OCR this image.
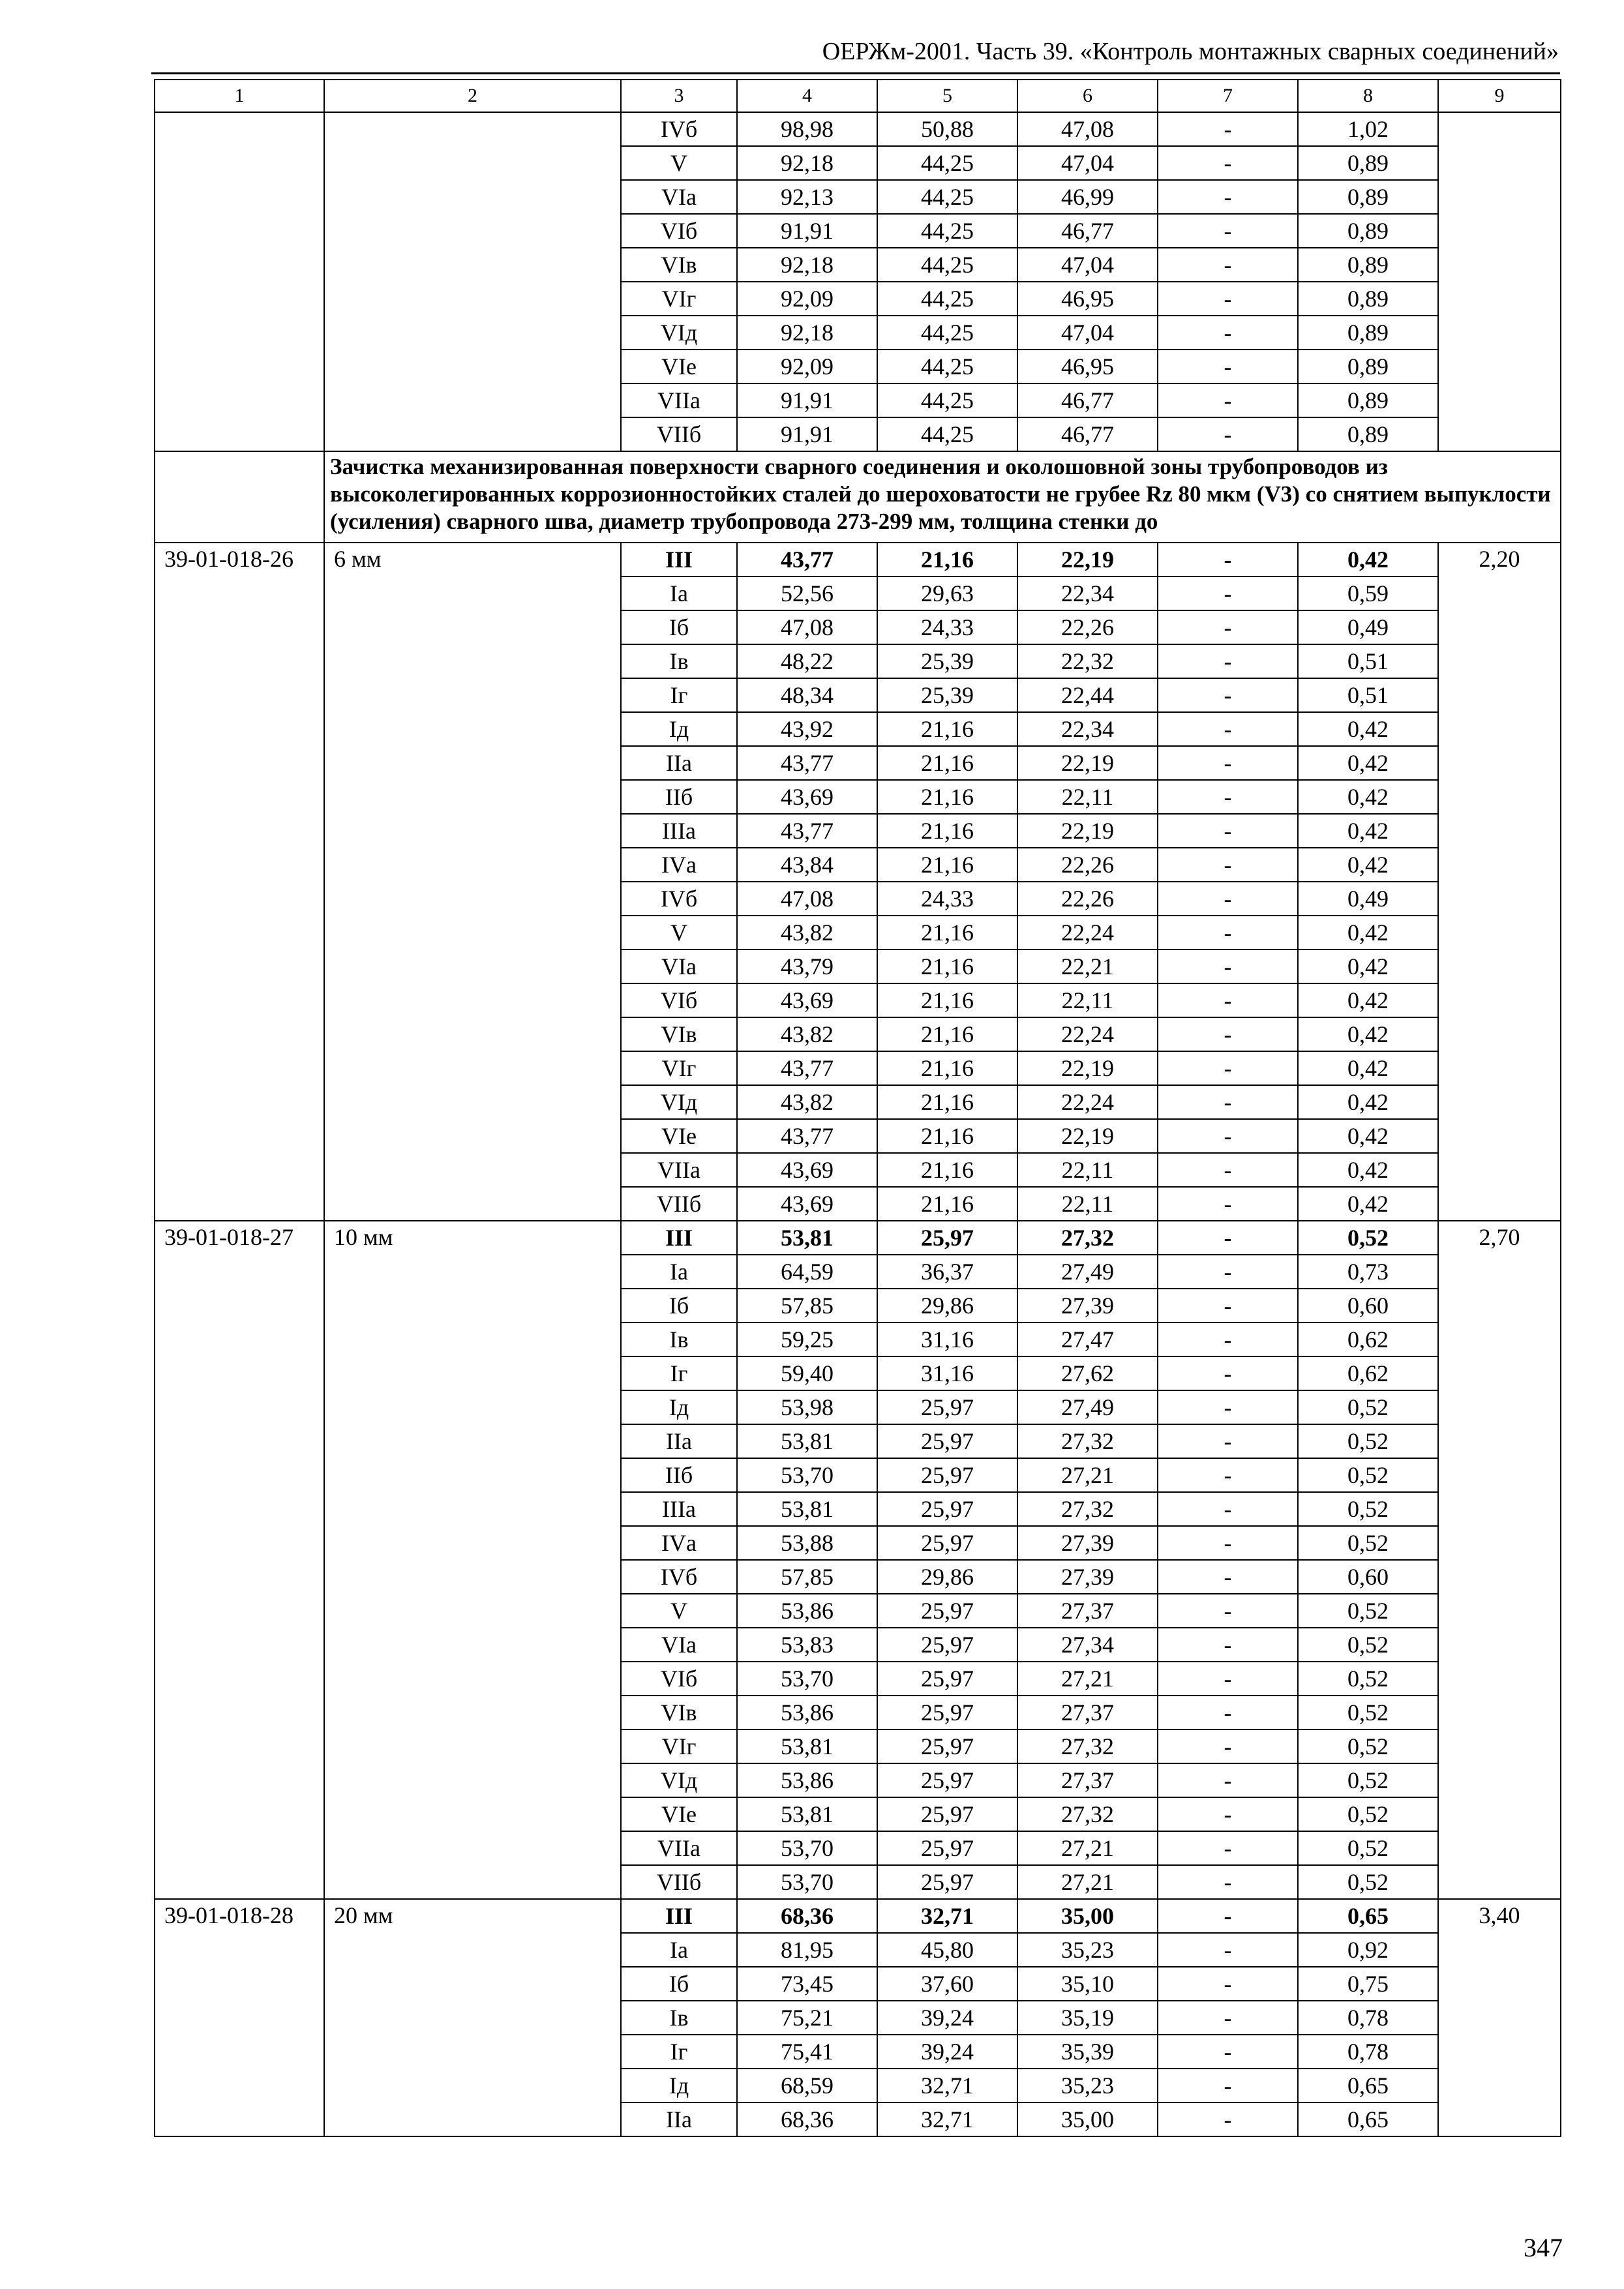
ОЕРЖм-2001. Часть 39. «Контроль монтажных сварных соединений»
1	2	3	4	5	6	7	8	9
		IVб	98,98	50,88	47,08	-	1,02	
		V	92,18	44,25	47,04	-	0,89	
		VIа	92,13	44,25	46,99	-	0,89	
		VIб	91,91	44,25	46,77	-	0,89	
		VIв	92,18	44,25	47,04	-	0,89	
		VIг	92,09	44,25	46,95	-	0,89	
		VIд	92,18	44,25	47,04	-	0,89	
		VIе	92,09	44,25	46,95	-	0,89	
		VIIа	91,91	44,25	46,77	-	0,89	
		VIIб	91,91	44,25	46,77	-	0,89	
	Зачистка механизированная поверхности сварного соединения и околошовной зоны трубопроводов из высоколегированных коррозионностойких сталей до шероховатости не грубее Rz 80 мкм (V3) со снятием выпуклости (усиления) сварного шва, диаметр трубопровода 273-299 мм, толщина стенки до							
39-01-018-26	6 мм	III	43,77	21,16	22,19	-	0,42	2,20
		Iа	52,56	29,63	22,34	-	0,59	
		Iб	47,08	24,33	22,26	-	0,49	
		Iв	48,22	25,39	22,32	-	0,51	
		Iг	48,34	25,39	22,44	-	0,51	
		Iд	43,92	21,16	22,34	-	0,42	
		IIа	43,77	21,16	22,19	-	0,42	
		IIб	43,69	21,16	22,11	-	0,42	
		IIIа	43,77	21,16	22,19	-	0,42	
		IVа	43,84	21,16	22,26	-	0,42	
		IVб	47,08	24,33	22,26	-	0,49	
		V	43,82	21,16	22,24	-	0,42	
		VIа	43,79	21,16	22,21	-	0,42	
		VIб	43,69	21,16	22,11	-	0,42	
		VIв	43,82	21,16	22,24	-	0,42	
		VIг	43,77	21,16	22,19	-	0,42	
		VIд	43,82	21,16	22,24	-	0,42	
		VIе	43,77	21,16	22,19	-	0,42	
		VIIа	43,69	21,16	22,11	-	0,42	
		VIIб	43,69	21,16	22,11	-	0,42	
39-01-018-27	10 мм	III	53,81	25,97	27,32	-	0,52	2,70
		Iа	64,59	36,37	27,49	-	0,73	
		Iб	57,85	29,86	27,39	-	0,60	
		Iв	59,25	31,16	27,47	-	0,62	
		Iг	59,40	31,16	27,62	-	0,62	
		Iд	53,98	25,97	27,49	-	0,52	
		IIа	53,81	25,97	27,32	-	0,52	
		IIб	53,70	25,97	27,21	-	0,52	
		IIIа	53,81	25,97	27,32	-	0,52	
		IVа	53,88	25,97	27,39	-	0,52	
		IVб	57,85	29,86	27,39	-	0,60	
		V	53,86	25,97	27,37	-	0,52	
		VIа	53,83	25,97	27,34	-	0,52	
		VIб	53,70	25,97	27,21	-	0,52	
		VIв	53,86	25,97	27,37	-	0,52	
		VIг	53,81	25,97	27,32	-	0,52	
		VIд	53,86	25,97	27,37	-	0,52	
		VIе	53,81	25,97	27,32	-	0,52	
		VIIа	53,70	25,97	27,21	-	0,52	
		VIIб	53,70	25,97	27,21	-	0,52	
39-01-018-28	20 мм	III	68,36	32,71	35,00	-	0,65	3,40
		Iа	81,95	45,80	35,23	-	0,92	
		Iб	73,45	37,60	35,10	-	0,75	
		Iв	75,21	39,24	35,19	-	0,78	
		Iг	75,41	39,24	35,39	-	0,78	
		Iд	68,59	32,71	35,23	-	0,65	
		IIа	68,36	32,71	35,00	-	0,65	
347
